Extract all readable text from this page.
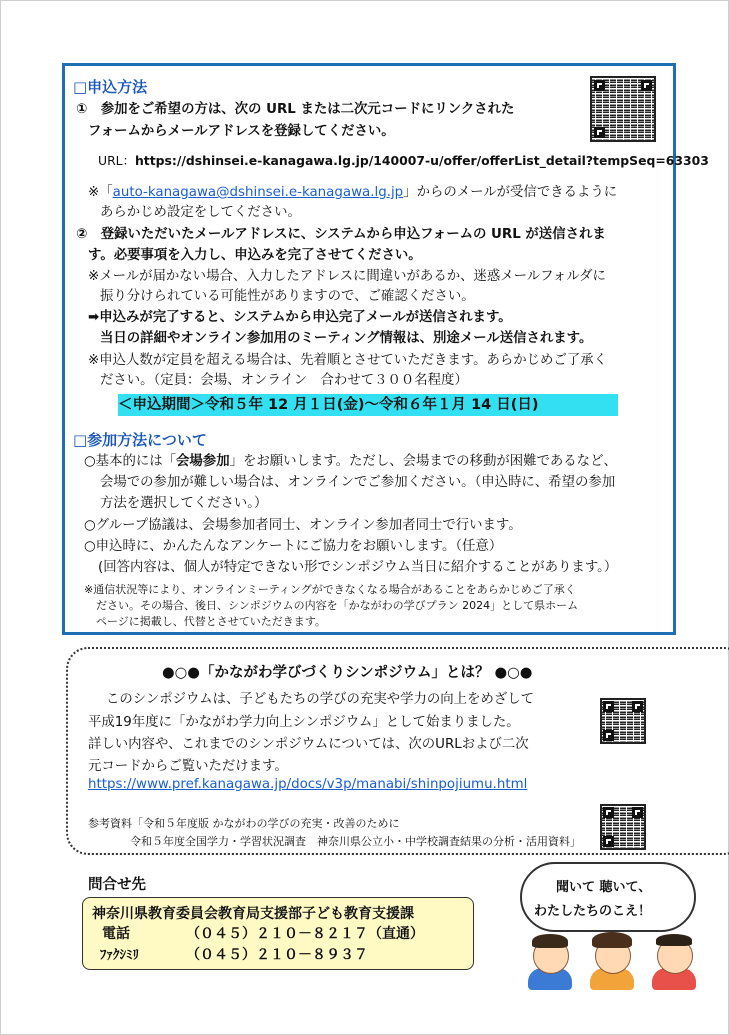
□申込方法
①　参加をご希望の方は、次の URL または二次元コードにリンクされた
フォームからメールアドレスを登録してください。
URL：https://dshinsei.e-kanagawa.lg.jp/140007-u/offer/offerList_detail?tempSeq=63303
※「auto-kanagawa@dshinsei.e-kanagawa.lg.jp」からのメールが受信できるように
あらかじめ設定をしてください。
②　登録いただいたメールアドレスに、システムから申込フォームの URL が送信されま
す。必要事項を入力し、申込みを完了させてください。
※メールが届かない場合、入力したアドレスに間違いがあるか、迷惑メールフォルダに
振り分けられている可能性がありますので、ご確認ください。
➡申込みが完了すると、システムから申込完了メールが送信されます。
当日の詳細やオンライン参加用のミーティング情報は、別途メール送信されます。
※申込人数が定員を超える場合は、先着順とさせていただきます。あらかじめご了承く
ださい。（定員：会場、オンライン　合わせて３００名程度）
＜申込期間＞令和５年 12 月１日(金)～令和６年１月 14 日(日)
□参加方法について
○基本的には「会場参加」をお願いします。ただし、会場までの移動が困難であるなど、
会場での参加が難しい場合は、オンラインでご参加ください。（申込時に、希望の参加
方法を選択してください。）
○グループ協議は、会場参加者同士、オンライン参加者同士で行います。
○申込時に、かんたんなアンケートにご協力をお願いします。（任意）
(回答内容は、個人が特定できない形でシンポジウム当日に紹介することがあります。）
※通信状況等により、オンラインミーティングができなくなる場合があることをあらかじめご了承く
ださい。その場合、後日、シンポジウムの内容を「かながわの学びプラン 2024」として県ホーム
ページに掲載し、代替とさせていただきます。
●○●「かながわ学びづくりシンポジウム」とは？ ●○●
このシンポジウムは、子どもたちの学びの充実や学力の向上をめざして
平成19年度に「かながわ学力向上シンポジウム」として始まりました。
詳しい内容や、これまでのシンポジウムについては、次のURLおよび二次
元コードからご覧いただけます。
https://www.pref.kanagawa.jp/docs/v3p/manabi/shinpojiumu.html
参考資料「令和５年度版 かながわの学びの充実・改善のために
令和５年度全国学力・学習状況調査　神奈川県公立小・中学校調査結果の分析・活用資料」
問合せ先
神奈川県教育委員会教育局支援部子ども教育支援課
電話	（０４５）２１０－８２１７（直通）
ﾌｧｸｼﾐﾘ	（０４５）２１０－８９３７
聞いて 聴いて、
わたしたちのこえ！
